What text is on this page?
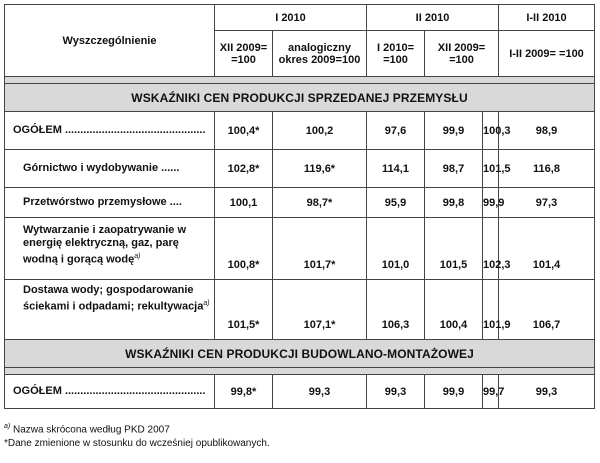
Wyszczególnienie	I 2010		II 2010			I-II 2010
	XII 2009= =100	analogiczny okres 2009=100	I 2010= =100	XII 2009= =100		I-II 2009= =100

WSKAŹNIKI CEN PRODUKCJI SPRZEDANEJ PRZEMYSŁU						
OGÓŁEM ..............................................	100,4*	100,2	97,6	99,9	100,3	98,9
Górnictwo i wydobywanie ......	102,8*	119,6*	114,1	98,7	101,5	116,8
Przetwórstwo przemysłowe ....	100,1	98,7*	95,9	99,8	99,9	97,3
Wytwarzanie i zaopatrywanie w energię elektryczną, gaz, parę wodną i gorącą wodę$^{a)}$	100,8*	101,7*	101,0	101,5	102,3	101,4
Dostawa wody; gospodarowanie ściekami i odpadami; rekultywacja$^{a)}$	101,5*	107,1*	106,3	100,4	101,9	106,7
WSKAŹNIKI CEN PRODUKCJI BUDOWLANO-MONTAŻOWEJ						

OGÓŁEM ..............................................	99,8*	99,3	99,3	99,9	99,7	99,3
$^{a)}$ Nazwa skrócona według PKD 2007
*Dane zmienione w stosunku do wcześniej opublikowanych.
